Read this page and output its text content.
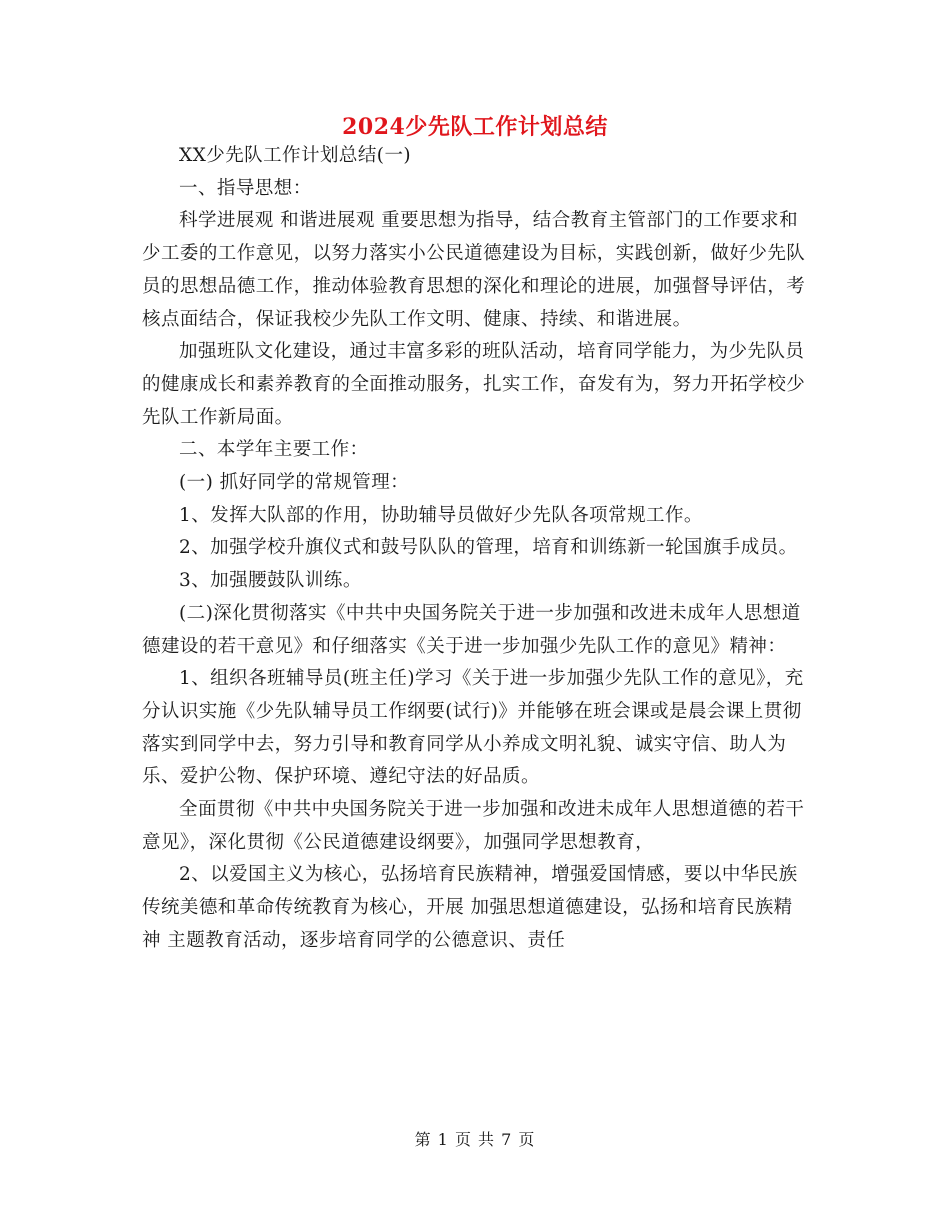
2024少先队工作计划总结

XX少先队工作计划总结(一)

一、指导思想：

科学进展观 和谐进展观 重要思想为指导，结合教育主管部门的工作要求和少工委的工作意见，以努力落实小公民道德建设为目标，实践创新，做好少先队员的思想品德工作，推动体验教育思想的深化和理论的进展，加强督导评估，考核点面结合，保证我校少先队工作文明、健康、持续、和谐进展。

加强班队文化建设，通过丰富多彩的班队活动，培育同学能力，为少先队员的健康成长和素养教育的全面推动服务，扎实工作，奋发有为，努力开拓学校少先队工作新局面。

二、本学年主要工作：

(一) 抓好同学的常规管理：

1、发挥大队部的作用，协助辅导员做好少先队各项常规工作。

2、加强学校升旗仪式和鼓号队队的管理，培育和训练新一轮国旗手成员。

3、加强腰鼓队训练。

(二)深化贯彻落实《中共中央国务院关于进一步加强和改进未成年人思想道德建设的若干意见》和仔细落实《关于进一步加强少先队工作的意见》精神：

1、组织各班辅导员(班主任)学习《关于进一步加强少先队工作的意见》，充分认识实施《少先队辅导员工作纲要(试行)》并能够在班会课或是晨会课上贯彻落实到同学中去，努力引导和教育同学从小养成文明礼貌、诚实守信、助人为乐、爱护公物、保护环境、遵纪守法的好品质。

全面贯彻《中共中央国务院关于进一步加强和改进未成年人思想道德的若干意见》，深化贯彻《公民道德建设纲要》，加强同学思想教育，

2、以爱国主义为核心，弘扬培育民族精神，增强爱国情感，要以中华民族传统美德和革命传统教育为核心，开展 加强思想道德建设，弘扬和培育民族精神 主题教育活动，逐步培育同学的公德意识、责任

第 1 页 共 7 页
